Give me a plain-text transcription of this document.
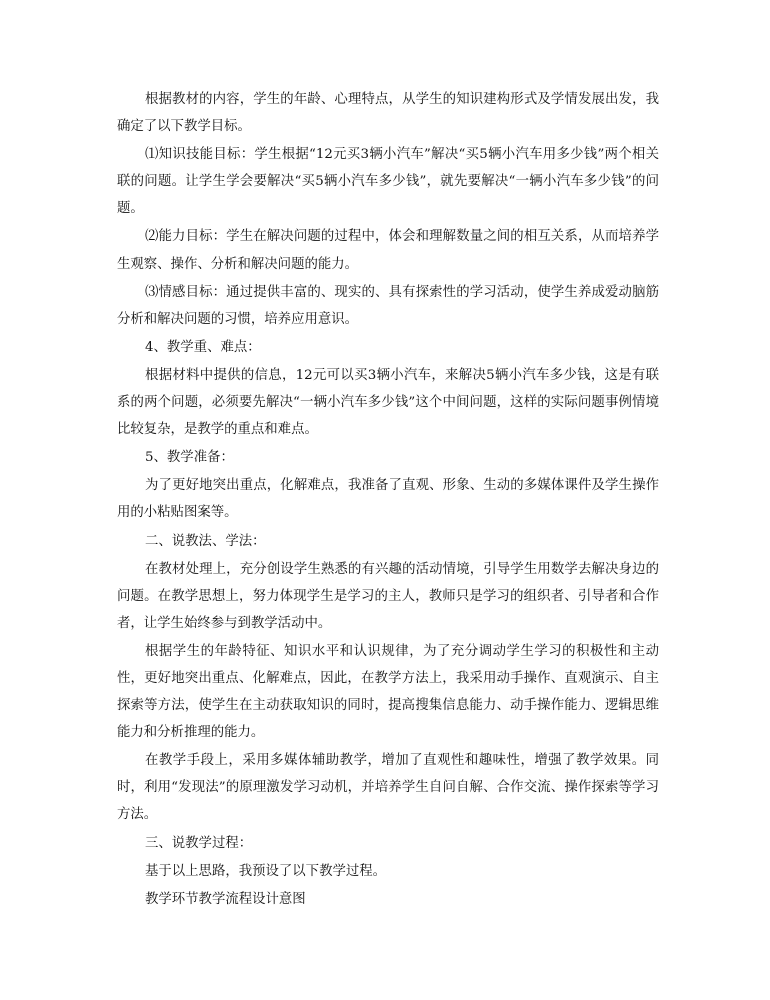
根据教材的内容，学生的年龄、心理特点，从学生的知识建构形式及学情发展出发，我确定了以下教学目标。

⑴知识技能目标：学生根据“12元买3辆小汽车”解决“买5辆小汽车用多少钱”两个相关联的问题。让学生学会要解决“买5辆小汽车多少钱”，就先要解决“一辆小汽车多少钱”的问题。

⑵能力目标：学生在解决问题的过程中，体会和理解数量之间的相互关系，从而培养学生观察、操作、分析和解决问题的能力。

⑶情感目标：通过提供丰富的、现实的、具有探索性的学习活动，使学生养成爱动脑筋分析和解决问题的习惯，培养应用意识。

4、教学重、难点：

根据材料中提供的信息，12元可以买3辆小汽车，来解决5辆小汽车多少钱，这是有联系的两个问题，必须要先解决“一辆小汽车多少钱”这个中间问题，这样的实际问题事例情境比较复杂，是教学的重点和难点。

5、教学准备：

为了更好地突出重点，化解难点，我准备了直观、形象、生动的多媒体课件及学生操作用的小粘贴图案等。

二、说教法、学法：

在教材处理上，充分创设学生熟悉的有兴趣的活动情境，引导学生用数学去解决身边的问题。在教学思想上，努力体现学生是学习的主人，教师只是学习的组织者、引导者和合作者，让学生始终参与到教学活动中。

根据学生的年龄特征、知识水平和认识规律，为了充分调动学生学习的积极性和主动性，更好地突出重点、化解难点，因此，在教学方法上，我采用动手操作、直观演示、自主探索等方法，使学生在主动获取知识的同时，提高搜集信息能力、动手操作能力、逻辑思维能力和分析推理的能力。

在教学手段上，采用多媒体辅助教学，增加了直观性和趣味性，增强了教学效果。同时，利用“发现法”的原理激发学习动机，并培养学生自问自解、合作交流、操作探索等学习方法。

三、说教学过程：

基于以上思路，我预设了以下教学过程。

教学环节教学流程设计意图
